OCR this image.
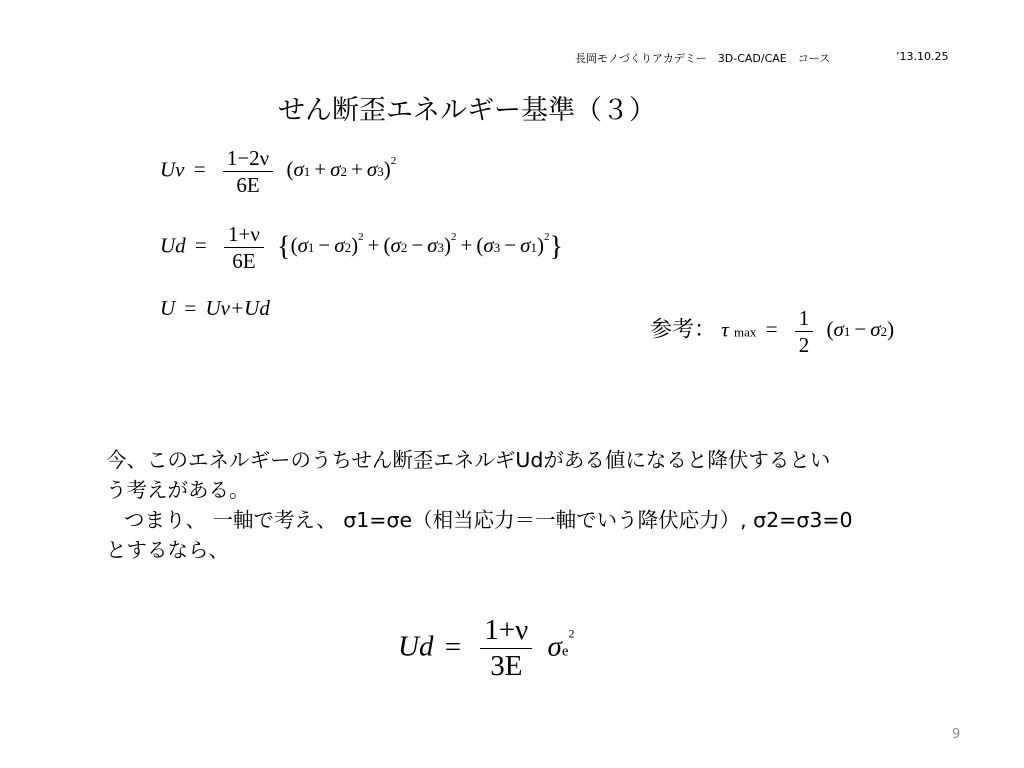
長岡モノづくりアカデミー　3D-CAD/CAE　コース	’13.10.25
せん断歪エネルギー基準（３）
$Uv = \frac{1-2\nu}{6E} (\sigma 1 + \sigma 2 + \sigma 3)^2$
$Ud = \frac{1+\nu}{6E} \{(\sigma 1 - \sigma 2)^2 + (\sigma 2 - \sigma 3)^2 + (\sigma 3 - \sigma 1)^2\}$
U = Uv+Ud
参考： τ $\max = \frac{1}{2} (\sigma 1 - \sigma 2)$

今、このエネルギーのうちせん断歪エネルギUdがある値になると降伏するとい

う考えがある。

つまり、 一軸で考え、 σ1=σe（相当応力＝一軸でいう降伏応力）, σ2=σ3=0

とするなら、

$Ud = \frac{1+\nu}{3E} \sigma e^2$
9
